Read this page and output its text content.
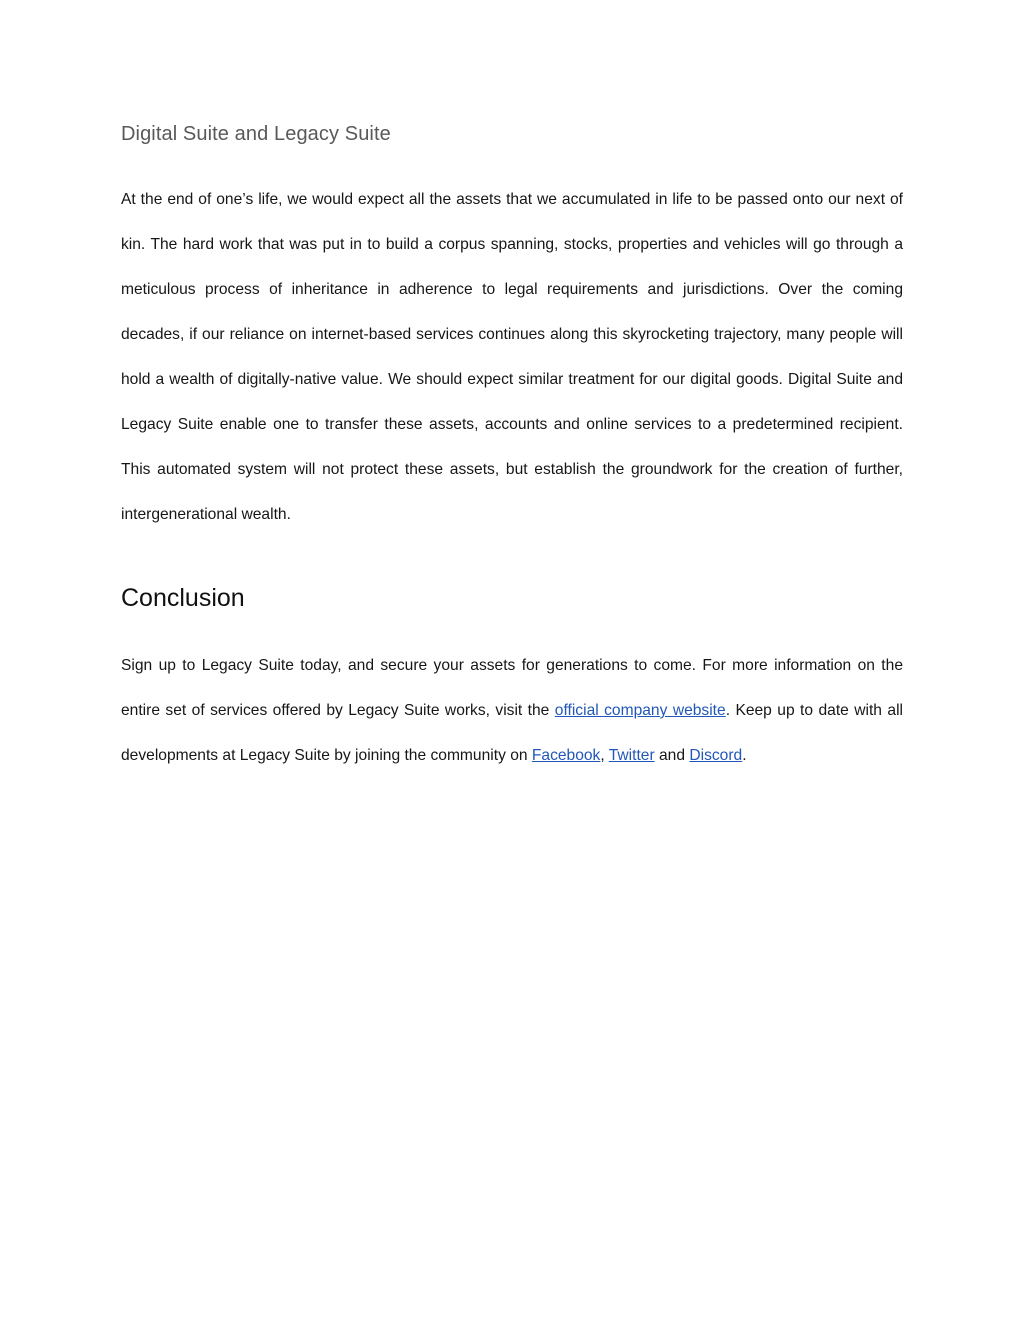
Digital Suite and Legacy Suite

At the end of one’s life, we would expect all the assets that we accumulated in life to be passed onto our next of kin. The hard work that was put in to build a corpus spanning, stocks, properties and vehicles will go through a meticulous process of inheritance in adherence to legal requirements and jurisdictions. Over the coming decades, if our reliance on internet-based services continues along this skyrocketing trajectory, many people will hold a wealth of digitally-native value. We should expect similar treatment for our digital goods. Digital Suite and Legacy Suite enable one to transfer these assets, accounts and online services to a predetermined recipient. This automated system will not protect these assets, but establish the groundwork for the creation of further, intergenerational wealth.

Conclusion

Sign up to Legacy Suite today, and secure your assets for generations to come. For more information on the entire set of services offered by Legacy Suite works, visit the official company website. Keep up to date with all developments at Legacy Suite by joining the community on Facebook, Twitter and Discord.
